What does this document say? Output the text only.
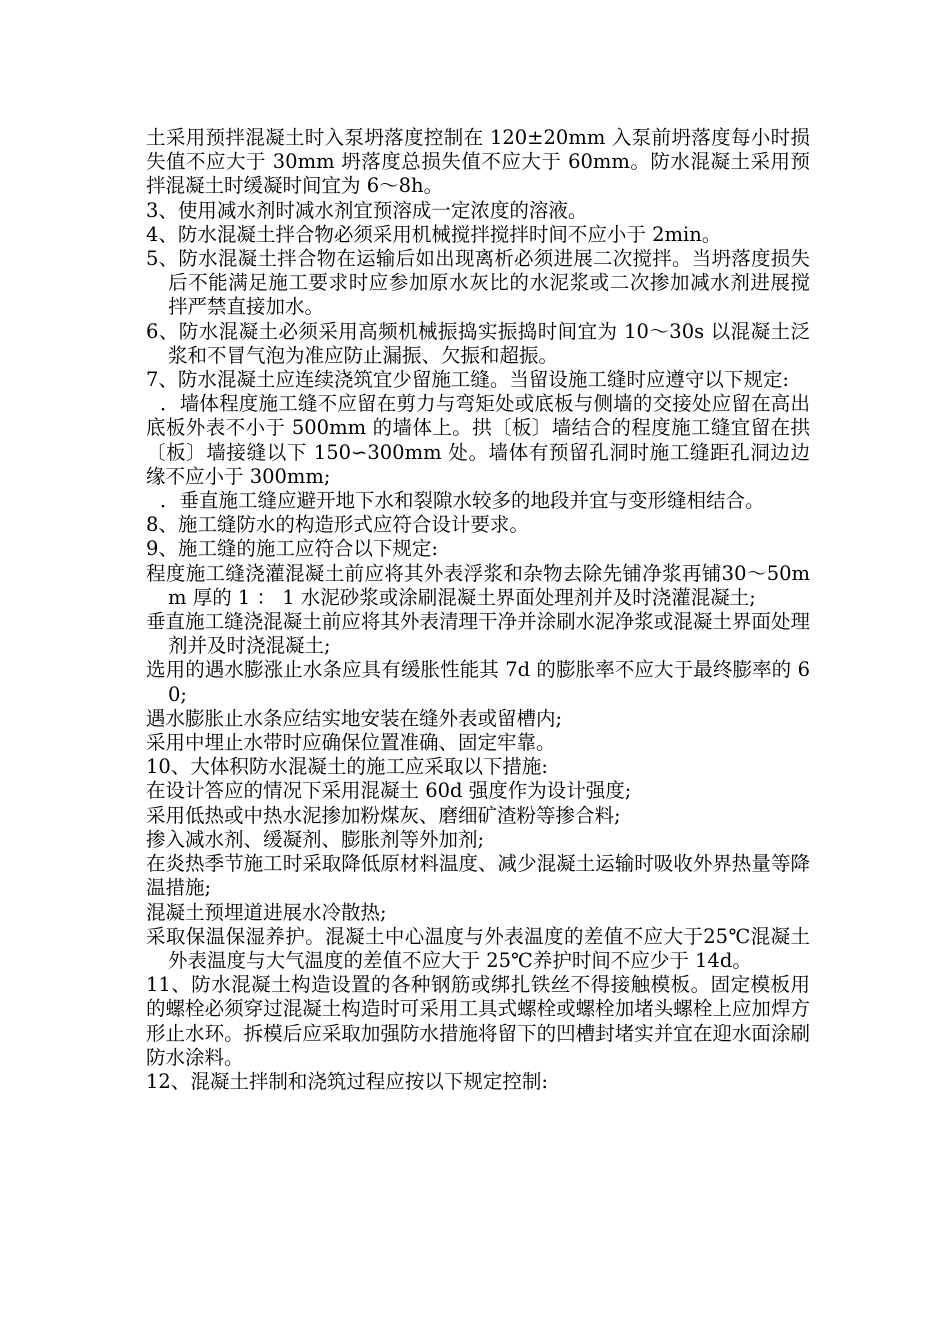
土采用预拌混凝土时入泵坍落度控制在 120±20mm 入泵前坍落度每小时损失值不应大于 30mm 坍落度总损失值不应大于 60mm。防水混凝土采用预拌混凝土时缓凝时间宜为 6～8h。

3、使用减水剂时减水剂宜预溶成一定浓度的溶液。

4、防水混凝土拌合物必须采用机械搅拌搅拌时间不应小于 2min。

5、防水混凝土拌合物在运输后如出现离析必须进展二次搅拌。当坍落度损失后不能满足施工要求时应参加原水灰比的水泥浆或二次掺加减水剂进展搅拌严禁直接加水。

6、防水混凝土必须采用高频机械振捣实振捣时间宜为 10～30s 以混凝土泛浆和不冒气泡为准应防止漏振、欠振和超振。

7、防水混凝土应连续浇筑宜少留施工缝。当留设施工缝时应遵守以下规定:

．墙体程度施工缝不应留在剪力与弯矩处或底板与侧墙的交接处应留在高出底板外表不小于 500mm 的墙体上。拱〔板〕墙结合的程度施工缝宜留在拱〔板〕墙接缝以下 150∽300mm 处。墙体有预留孔洞时施工缝距孔洞边边缘不应小于 300mm;

．垂直施工缝应避开地下水和裂隙水较多的地段并宜与变形缝相结合。

8、施工缝防水的构造形式应符合设计要求。

9、施工缝的施工应符合以下规定:

程度施工缝浇灌混凝土前应将其外表浮浆和杂物去除先铺净浆再铺30～50mm 厚的 1 ： 1 水泥砂浆或涂刷混凝土界面处理剂并及时浇灌混凝土;

垂直施工缝浇混凝土前应将其外表清理干净并涂刷水泥净浆或混凝土界面处理剂并及时浇混凝土;

选用的遇水膨涨止水条应具有缓胀性能其 7d 的膨胀率不应大于最终膨率的 60;

遇水膨胀止水条应结实地安装在缝外表或留槽内;

采用中埋止水带时应确保位置准确、固定牢靠。

10、大体积防水混凝土的施工应采取以下措施:

在设计答应的情况下采用混凝土 60d 强度作为设计强度;

采用低热或中热水泥掺加粉煤灰、磨细矿渣粉等掺合料;

掺入减水剂、缓凝剂、膨胀剂等外加剂;

在炎热季节施工时采取降低原材料温度、减少混凝土运输时吸收外界热量等降温措施;

混凝土预埋道进展水冷散热;

采取保温保湿养护。混凝土中心温度与外表温度的差值不应大于25℃混凝土外表温度与大气温度的差值不应大于 25℃养护时间不应少于 14d。

11、防水混凝土构造设置的各种钢筋或绑扎铁丝不得接触模板。固定模板用的螺栓必须穿过混凝土构造时可采用工具式螺栓或螺栓加堵头螺栓上应加焊方形止水环。拆模后应采取加强防水措施将留下的凹槽封堵实并宜在迎水面涂刷防水涂料。

12、混凝土拌制和浇筑过程应按以下规定控制:
